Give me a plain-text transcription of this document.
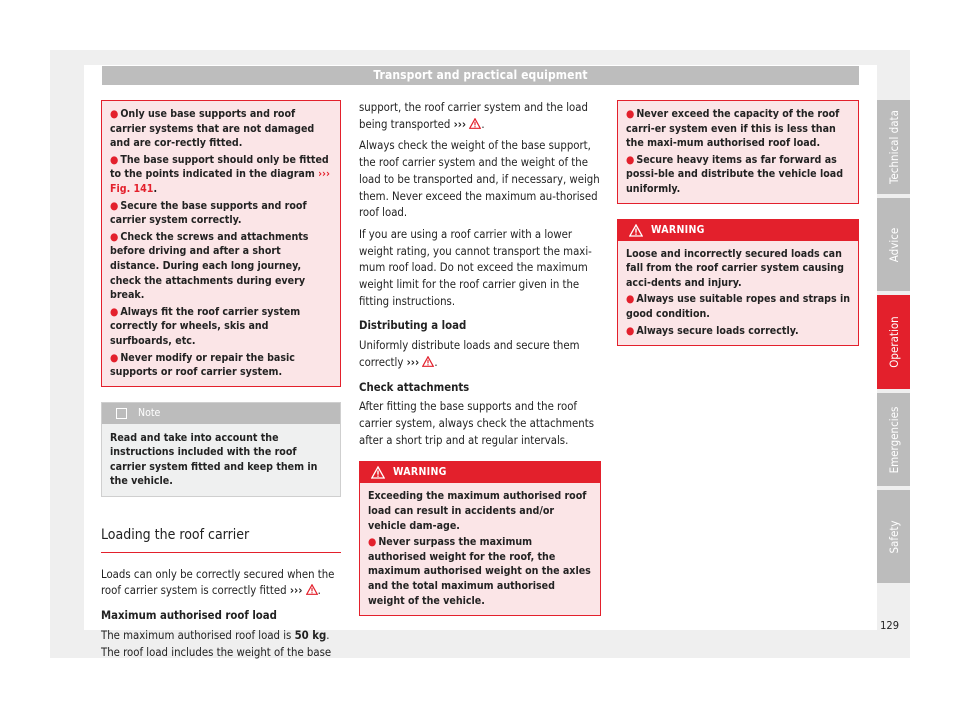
Transport and practical equipment

● Only use base supports and roof carrier systems that are not damaged and are cor-rectly fitted.

● The base support should only be fitted to the points indicated in the diagram ››› Fig. 141.

● Secure the base supports and roof carrier system correctly.

● Check the screws and attachments before driving and after a short distance. During each long journey, check the attachments during every break.

● Always fit the roof carrier system correctly for wheels, skis and surfboards, etc.

● Never modify or repair the basic supports or roof carrier system.

Note

Read and take into account the instructions included with the roof carrier system fitted and keep them in the vehicle.

Loading the roof carrier

Loads can only be correctly secured when the roof carrier system is correctly fitted ››› .

Maximum authorised roof load

The maximum authorised roof load is 50 kg. The roof load includes the weight of the base

support, the roof carrier system and the load being transported ››› .

Always check the weight of the base support, the roof carrier system and the weight of the load to be transported and, if necessary, weigh them. Never exceed the maximum au-thorised roof load.

If you are using a roof carrier with a lower weight rating, you cannot transport the maxi-mum roof load. Do not exceed the maximum weight limit for the roof carrier given in the fitting instructions.

Distributing a load

Uniformly distribute loads and secure them correctly ››› .

Check attachments

After fitting the base supports and the roof carrier system, always check the attachments after a short trip and at regular intervals.

WARNING

Exceeding the maximum authorised roof load can result in accidents and/or vehicle dam-age.

● Never surpass the maximum authorised weight for the roof, the maximum authorised weight on the axles and the total maximum authorised weight of the vehicle.

● Never exceed the capacity of the roof carri-er system even if this is less than the maxi-mum authorised roof load.

● Secure heavy items as far forward as possi-ble and distribute the vehicle load uniformly.

WARNING

Loose and incorrectly secured loads can fall from the roof carrier system causing acci-dents and injury.

● Always use suitable ropes and straps in good condition.

● Always secure loads correctly.

Technical data
Advice
Operation
Emergencies
Safety
129
